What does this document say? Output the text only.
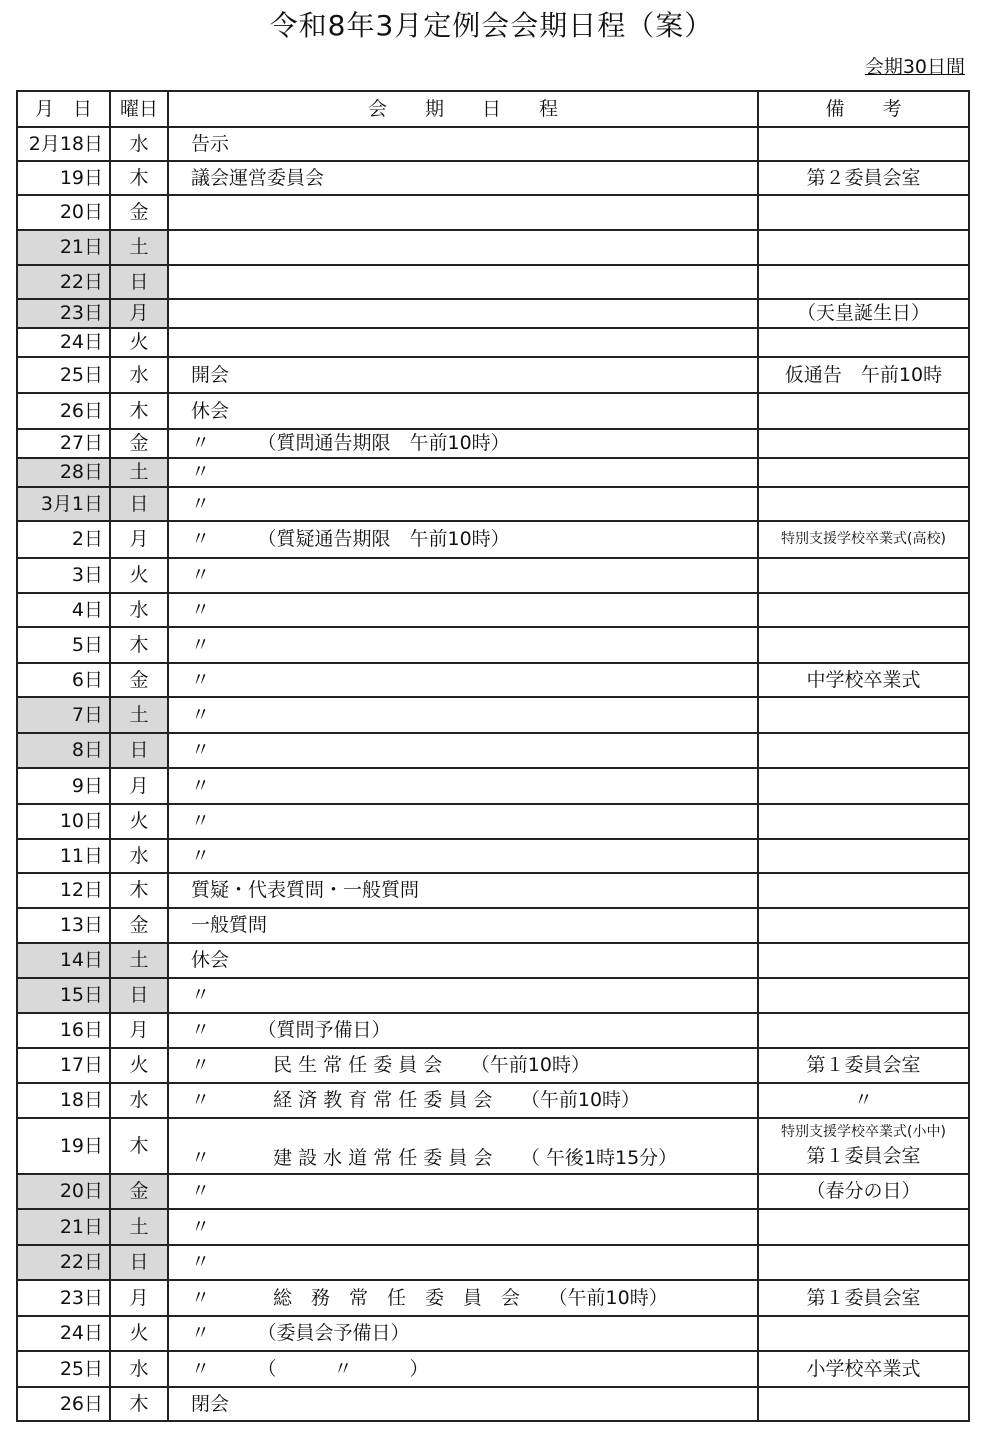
令和8年3月定例会会期日程（案）
会期30日間
月　日	曜日	会　　期　　日　　程	備　　考
2月18日	水	告示	
19日	木	議会運営委員会	第２委員会室
20日	金		
21日	土		
22日	日		
23日	月		（天皇誕生日）
24日	火		
25日	水	開会	仮通告　午前10時
26日	木	休会	
27日	金	〃　　　（質問通告期限　午前10時）	
28日	土	〃	
3月1日	日	〃	
2日	月	〃　　　（質疑通告期限　午前10時）	特別支援学校卒業式(高校)
3日	火	〃	
4日	水	〃	
5日	木	〃	
6日	金	〃	中学校卒業式
7日	土	〃	
8日	日	〃	
9日	月	〃	
10日	火	〃	
11日	水	〃	
12日	木	質疑・代表質問・一般質問	
13日	金	一般質問	
14日	土	休会	
15日	日	〃	
16日	月	〃　　　（質問予備日）	
17日	火	〃　　　 民 生 常 任 委 員 会　　（午前10時）	第１委員会室
18日	水	〃　　　 経 済 教 育 常 任 委 員 会　　（午前10時）	〃
19日	木	〃　　　 建 設 水 道 常 任 委 員 会　　（ 午後1時15分）	特別支援学校卒業式(小中)
第１委員会室

20日	金	〃	（春分の日）
21日	土	〃	
22日	日	〃	
23日	月	〃　　　 総　務　常　任　委　員　会　　（午前10時）	第１委員会室
24日	火	〃　　　（委員会予備日）	
25日	水	〃　　　（　　　〃　　　）	小学校卒業式
26日	木	閉会	
